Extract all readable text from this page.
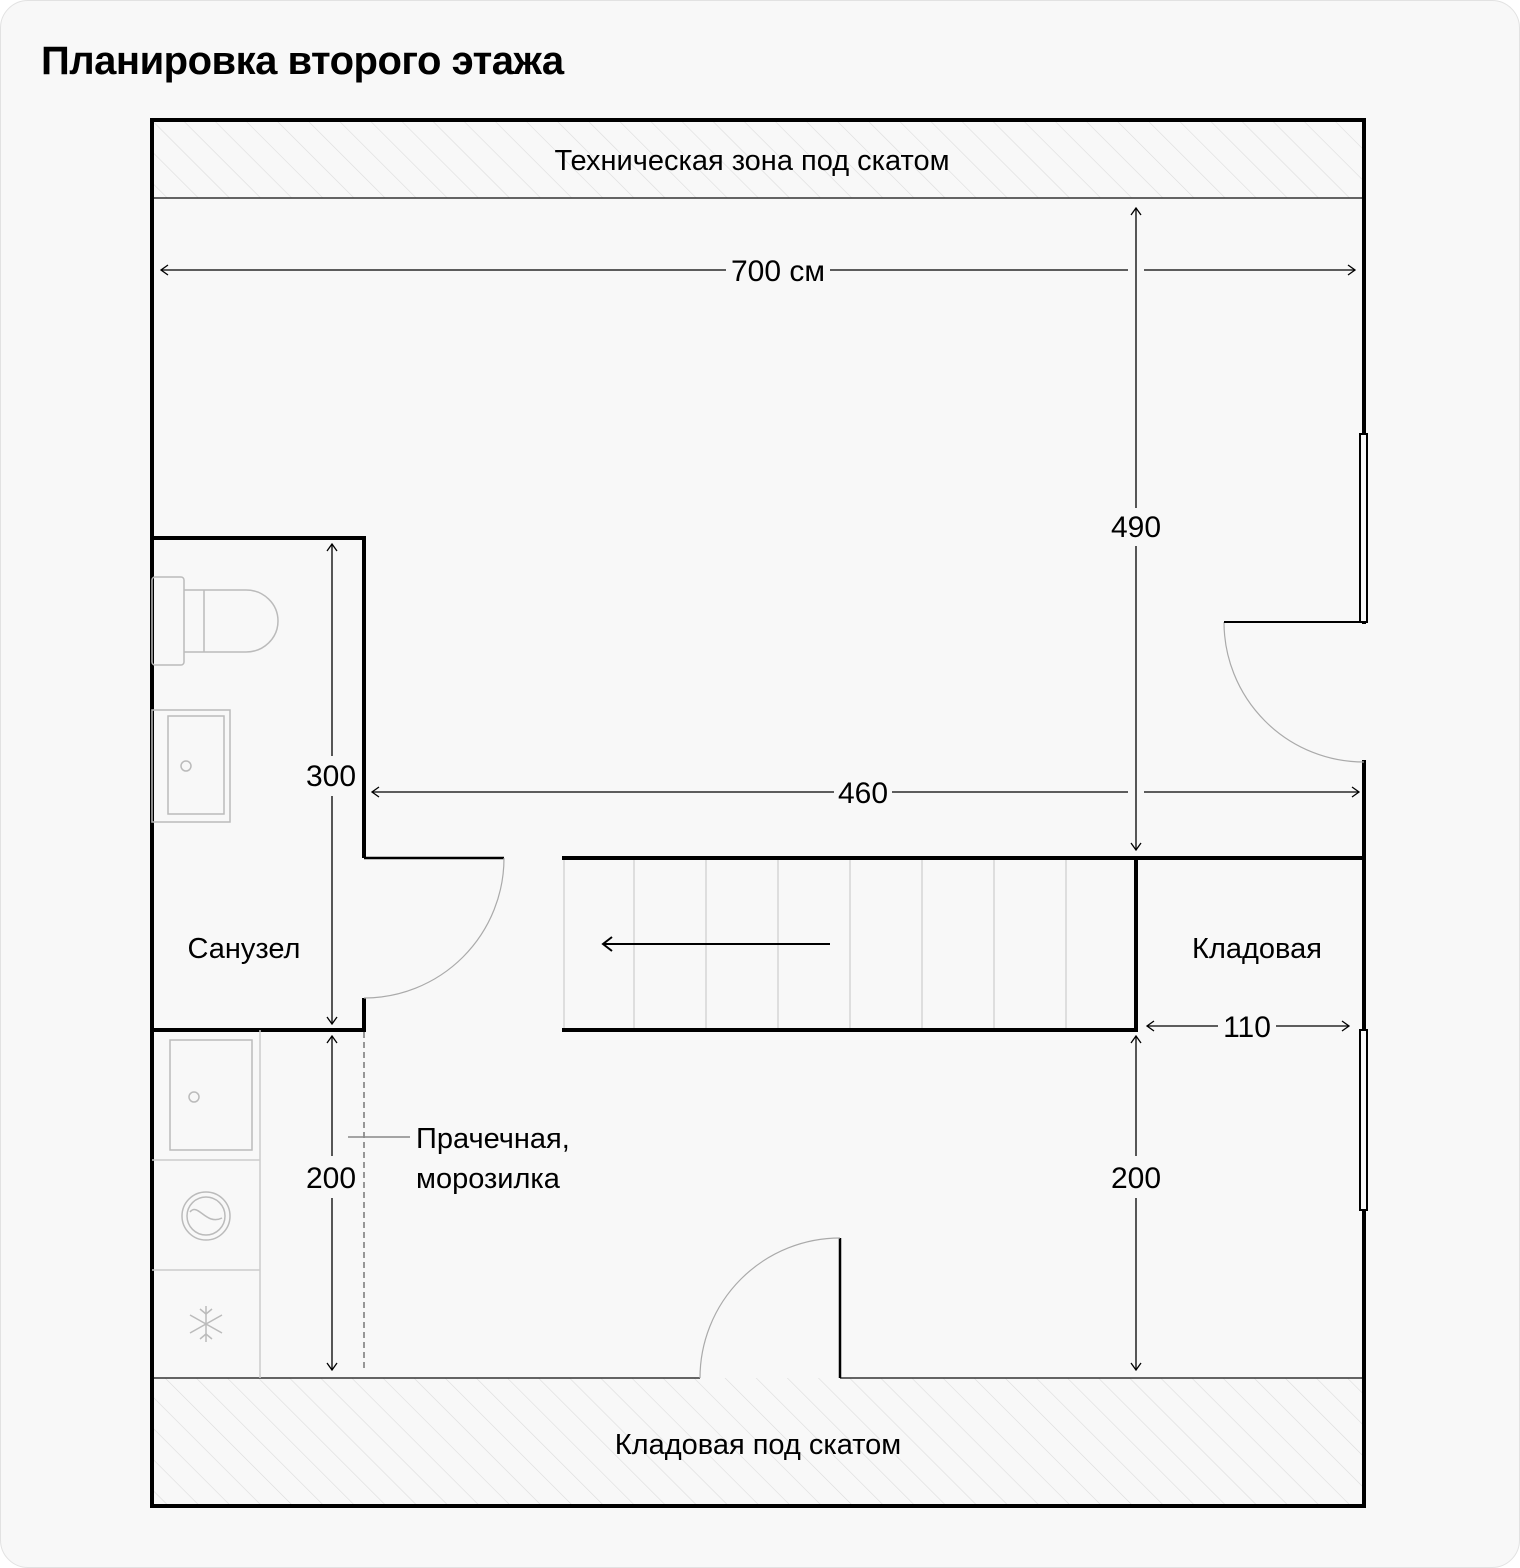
Планировка второго этажа
Техническая зона под скатом
Кладовая под скатом
Санузел	Кладовая
Прачечная,
морозилка
700 см
490
460
300
200	200
110
